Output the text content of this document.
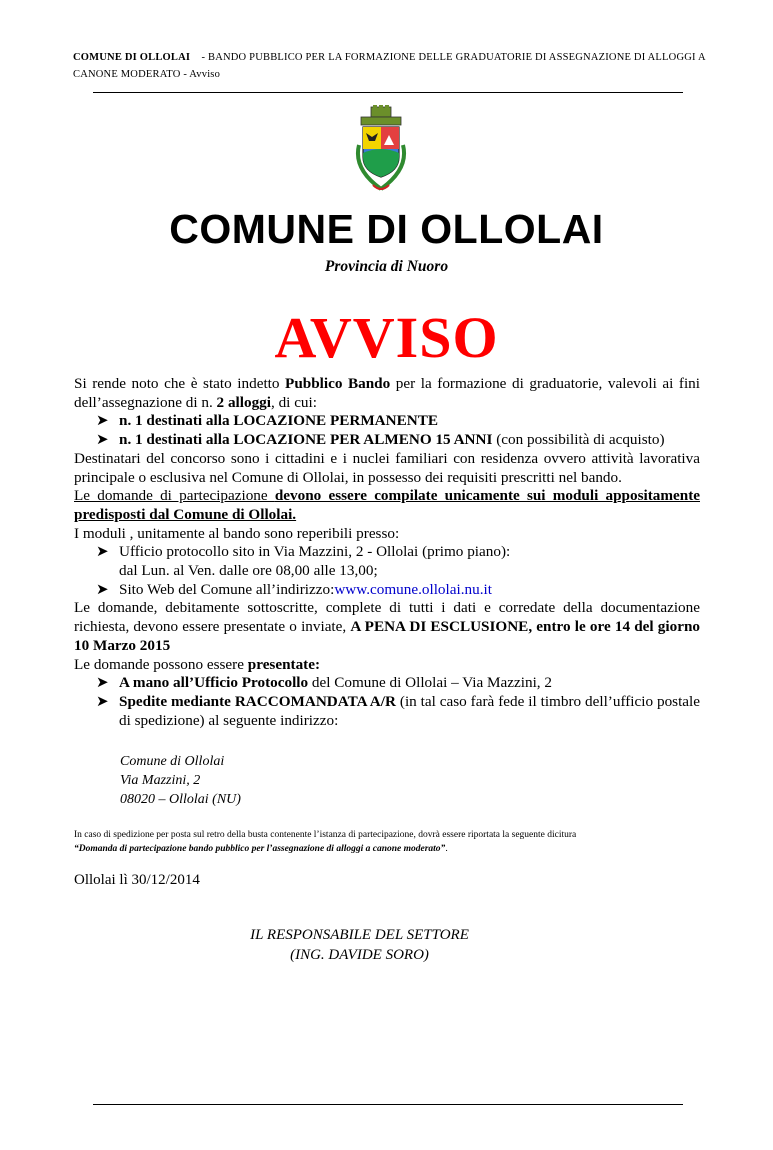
COMUNE DI OLLOLAI - BANDO PUBBLICO PER LA FORMAZIONE DELLE GRADUATORIE DI ASSEGNAZIONE DI ALLOGGI A
CANONE MODERATO - Avviso
COMUNE DI OLLOLAI
Provincia di Nuoro
AVVISO
Si rende noto che è stato indetto Pubblico Bando per la formazione di graduatorie, valevoli ai fini dell’assegnazione di n. 2 alloggi, di cui:
➤ n. 1 destinati alla LOCAZIONE PERMANENTE
➤ n. 1 destinati alla LOCAZIONE PER ALMENO 15 ANNI (con possibilità di acquisto)
Destinatari del concorso sono i cittadini e i nuclei familiari con residenza ovvero attività lavorativa principale o esclusiva nel Comune di Ollolai, in possesso dei requisiti prescritti nel bando.
Le domande di partecipazione devono essere compilate unicamente sui moduli appositamente predisposti dal Comune di Ollolai.
I moduli , unitamente al bando sono reperibili presso:
➤ Ufficio protocollo sito in Via Mazzini, 2 - Ollolai (primo piano):
dal Lun. al Ven. dalle ore 08,00 alle 13,00;
➤ Sito Web del Comune all’indirizzo:www.comune.ollolai.nu.it
Le domande, debitamente sottoscritte, complete di tutti i dati e corredate della documentazione richiesta, devono essere presentate o inviate, A PENA DI ESCLUSIONE, entro le ore 14 del giorno 10 Marzo 2015
Le domande possono essere presentate:
➤ A mano all’Ufficio Protocollo del Comune di Ollolai – Via Mazzini, 2
➤ Spedite mediante RACCOMANDATA A/R (in tal caso farà fede il timbro dell’ufficio postale di spedizione) al seguente indirizzo:
Comune di Ollolai
Via Mazzini, 2
08020 – Ollolai (NU)
In caso di spedizione per posta sul retro della busta contenente l’istanza di partecipazione, dovrà essere riportata la seguente dicitura
“Domanda di partecipazione bando pubblico per l’assegnazione di alloggi a canone moderato”.
Ollolai lì 30/12/2014
IL RESPONSABILE DEL SETTORE
(ING. DAVIDE SORO)
